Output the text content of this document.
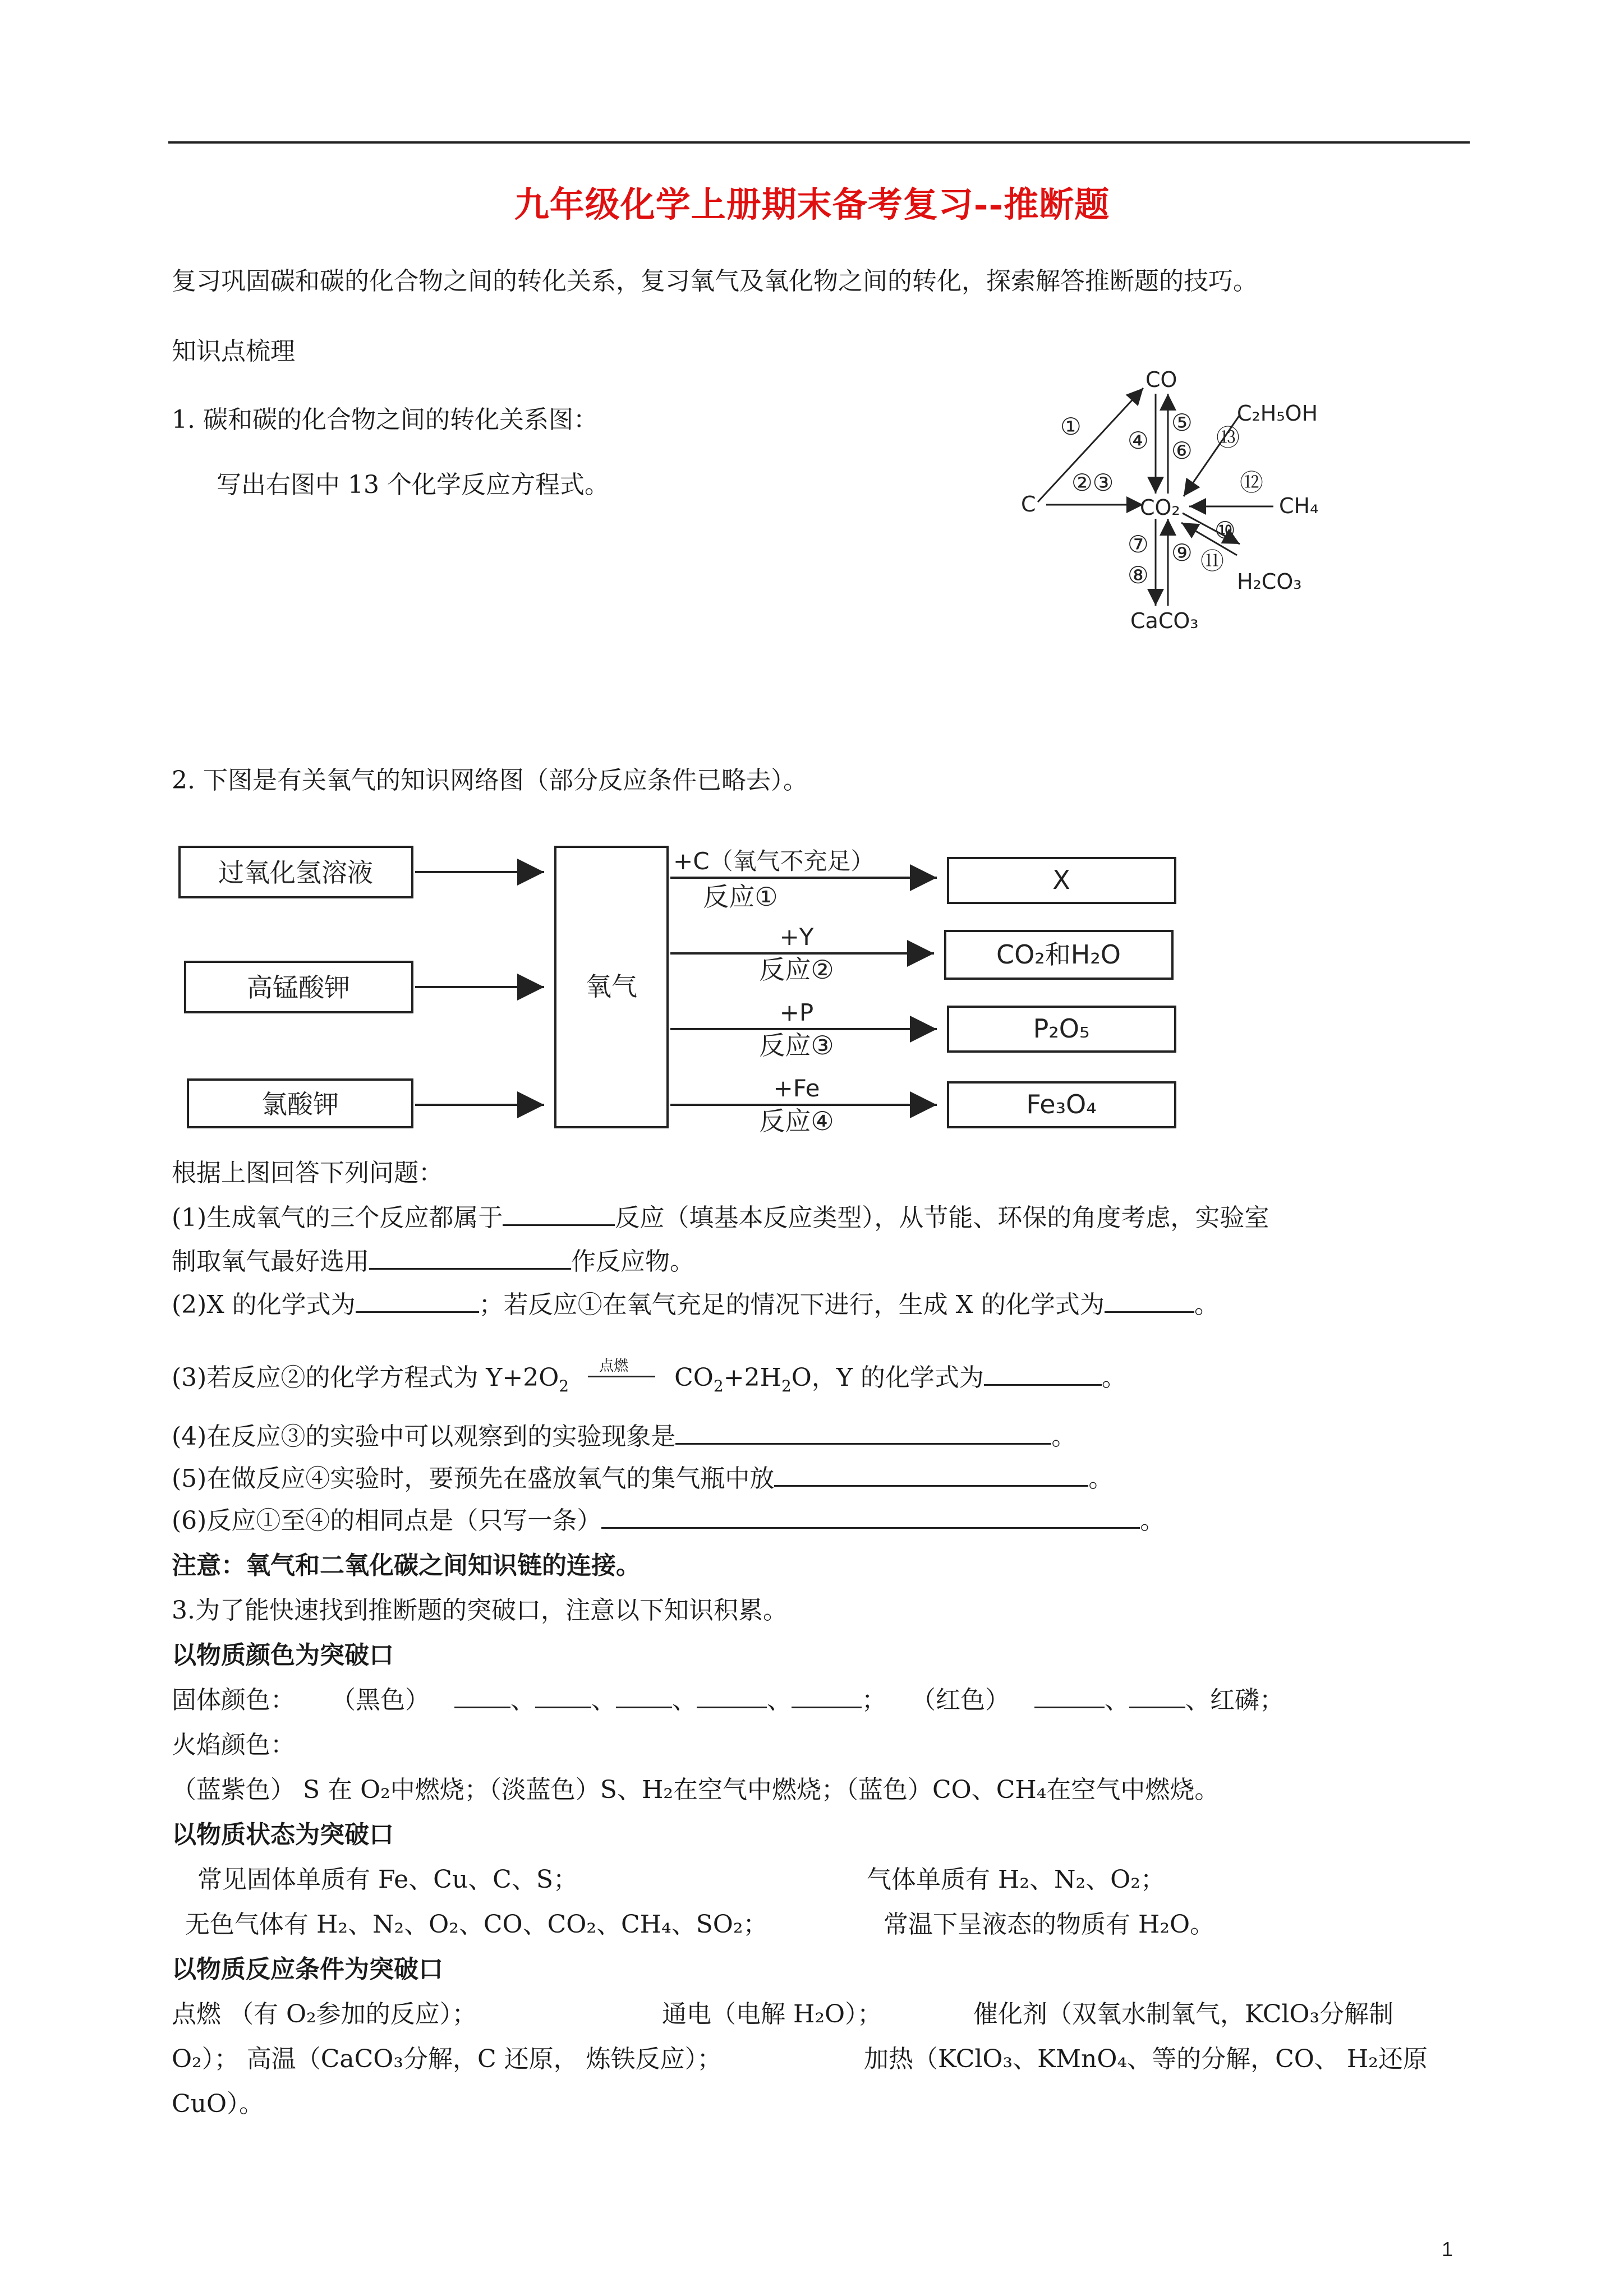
九年级化学上册期末备考复习--推断题
复习巩固碳和碳的化合物之间的转化关系，复习氧气及氧化物之间的转化，探索解答推断题的技巧。
知识点梳理
1. 碳和碳的化合物之间的转化关系图：
写出右图中 13 个化学反应方程式。
C
CO
CO₂
C₂H₅OH
CH₄
H₂CO₃
CaCO₃
①
②③
④
⑤
⑥
⑦
⑧
⑨
⑩
⑪
⑫
⑬
2. 下图是有关氧气的知识网络图（部分反应条件已略去）。
过氧化氢溶液
高锰酸钾
氯酸钾
氧气
+C（氧气不充足）
反应①
X
+Y
反应②	CO₂和H₂O
+P
反应③
P₂O₅
+Fe
反应④
Fe₃O₄
根据上图回答下列问题：
(1)生成氧气的三个反应都属于	反应（填基本反应类型），从节能、环保的角度考虑，实验室
制取氧气最好选用	作反应物。
(2)X 的化学式为	；若反应①在氧气充足的情况下进行，生成 X 的化学式为	。
(3)若反应②的化学方程式为 $Y+2O_2$
点燃 $CO_2+2H_2O$，Y 的化学式为	。
(4)在反应③的实验中可以观察到的实验现象是	。
(5)在做反应④实验时，要预先在盛放氧气的集气瓶中放	。
(6)反应①至④的相同点是（只写一条）	。
注意：氧气和二氧化碳之间知识链的连接。
3.为了能快速找到推断题的突破口，注意以下知识积累。
以物质颜色为突破口
固体颜色： （黑色）	、 、 、	、	； （红色）	、 、红磷；
火焰颜色：
（蓝紫色） S 在 O₂中燃烧；（淡蓝色）S、H₂在空气中燃烧；（蓝色）CO、CH₄在空气中燃烧。
以物质状态为突破口
常见固体单质有 Fe、Cu、C、S；	气体单质有 H₂、N₂、O₂；
无色气体有 H₂、N₂、O₂、CO、CO₂、CH₄、SO₂；	常温下呈液态的物质有 H₂O。
以物质反应条件为突破口
点燃 （有 O₂参加的反应）；	通电（电解 H₂O）；	催化剂（双氧水制氧气，KClO₃分解制
O₂）； 高温（CaCO₃分解，C 还原， 炼铁反应）；	加热（KClO₃、KMnO₄、等的分解，CO、 H₂还原
CuO）。
1
